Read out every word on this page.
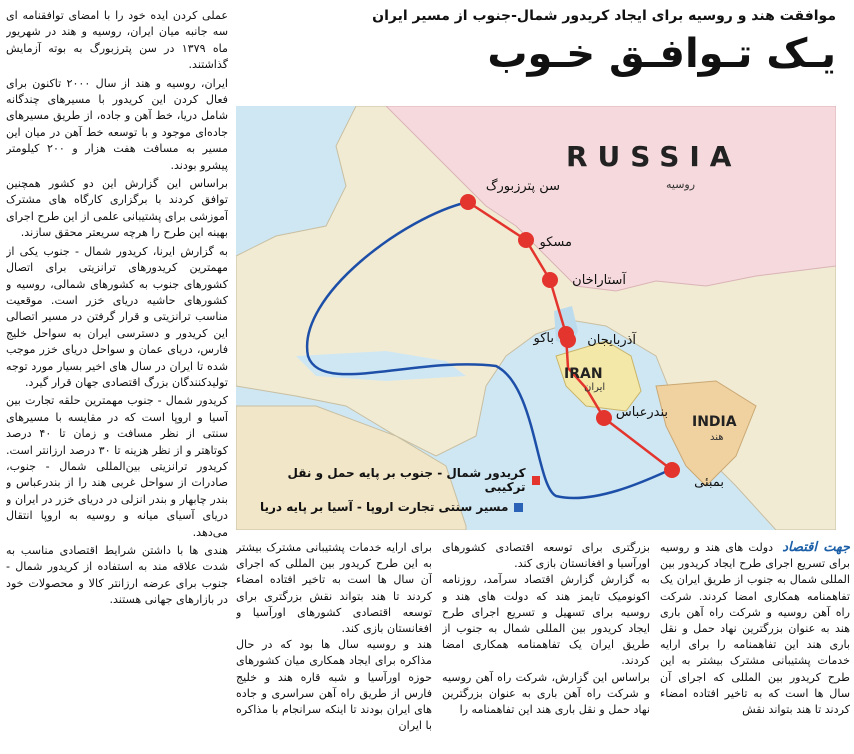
موافقت هند و روسیه برای ایجاد کریدور شمال-جنوب از مسیر ایران
یـک تـوافـق خـوب

عملی کردن ایده خود را با امضای توافقنامه ای سه جانبه میان ایران، روسیه و هند در شهریور ماه ۱۳۷۹ در سن پترزبورگ به بوته آزمایش گذاشتند.

ایران، روسیه و هند از سال ۲۰۰۰ تاکنون برای فعال کردن این کریدور با مسیرهای چندگانه شامل دریا، خط آهن و جاده، از طریق مسیرهای جاده‌ای موجود و با توسعه خط آهن در میان این مسیر به مسافت هفت هزار و ۲۰۰ کیلومتر پیشرو بودند.

براساس این گزارش این دو کشور همچنین توافق کردند با برگزاری کارگاه های مشترک آموزشی برای پشتیبانی علمی از این طرح اجرای بهینه این طرح را هرچه سریعتر محقق سازند.

به گزارش ایرنا، کریدور شمال - جنوب یکی از مهمترین کریدورهای ترانزیتی برای اتصال کشورهای جنوب به کشورهای شمالی، روسیه و کشورهای حاشیه دریای خزر است. موقعیت مناسب ترانزیتی و قرار گرفتن در مسیر اتصالی این کریدور و دسترسی ایران به سواحل خلیج فارس، دریای عمان و سواحل دریای خزر موجب شده تا ایران در سال های اخیر بسیار مورد توجه تولیدکنندگان بزرگ اقتصادی جهان قرار گیرد.

کریدور شمال - جنوب مهمترین حلقه تجارت بین آسیا و اروپا است که در مقایسه با مسیرهای سنتی از نظر مسافت و زمان تا ۴۰ درصد کوتاهتر و از نظر هزینه تا ۳۰ درصد ارزانتر است. کریدور ترانزیتی بین‌المللی شمال - جنوب، صادرات از سواحل غربی هند را از بندرعباس و بندر چابهار و بندر انزلی در دریای خزر در ایران و دریای آسیای میانه و روسیه به اروپا انتقال می‌دهد.

هندی ها با داشتن شرایط اقتصادی مناسب به شدت علاقه مند به استفاده از کریدور شمال - جنوب برای عرضه ارزانتر کالا و محصولات خود در بازارهای جهانی هستند.

RUSSIA
روسیه
IRAN
ایران
INDIA
هند
سن پترزبورگ
مسکو
آستاراخان
آذربایجان
باکو
بندرعباس
بمبئی
کریدور شمال - جنوب بر پایه حمل و نقل ترکیبی
مسیر سنتی تجارت اروپا - آسیا بر پایه دریا

جهت اقتصاد دولت های هند و روسیه برای تسریع اجرای طرح ایجاد کریدور بین المللی شمال به جنوب از طریق ایران یک تفاهمنامه همکاری امضا کردند. شرکت راه آهن روسیه و شرکت راه آهن باری هند به عنوان بزرگترین نهاد حمل و نقل باری هند این تفاهمنامه را برای ارایه خدمات پشتیبانی مشترک بیشتر به این طرح کریدور بین المللی که اجرای آن سال ها است که به تاخیر افتاده امضاء کردند تا هند بتواند نقش

بزرگتری برای توسعه اقتصادی کشورهای اورآسیا و افغانستان بازی کند.

به گزارش گزارش اقتصاد سرآمد، روزنامه اکونومیک تایمز هند که دولت های هند و روسیه برای تسهیل و تسریع اجرای طرح ایجاد کریدور بین المللی شمال به جنوب از طریق ایران یک تفاهمنامه همکاری امضا کردند.

براساس این گزارش، شرکت راه آهن روسیه و شرکت راه آهن باری به عنوان بزرگترین نهاد حمل و نقل باری هند این تفاهمنامه را

برای ارایه خدمات پشتیبانی مشترک بیشتر به این طرح کریدور بین المللی که اجرای آن سال ها است به تاخیر افتاده امضاء کردند تا هند بتواند نقش بزرگتری برای توسعه اقتصادی کشورهای اورآسیا و افغانستان بازی کند.

هند و روسیه سال ها بود که در حال مذاکره برای ایجاد همکاری میان کشورهای حوزه اورآسیا و شبه قاره هند و خلیج فارس از طریق راه آهن سراسری و جاده های ایران بودند تا اینکه سرانجام با مذاکره با ایران
